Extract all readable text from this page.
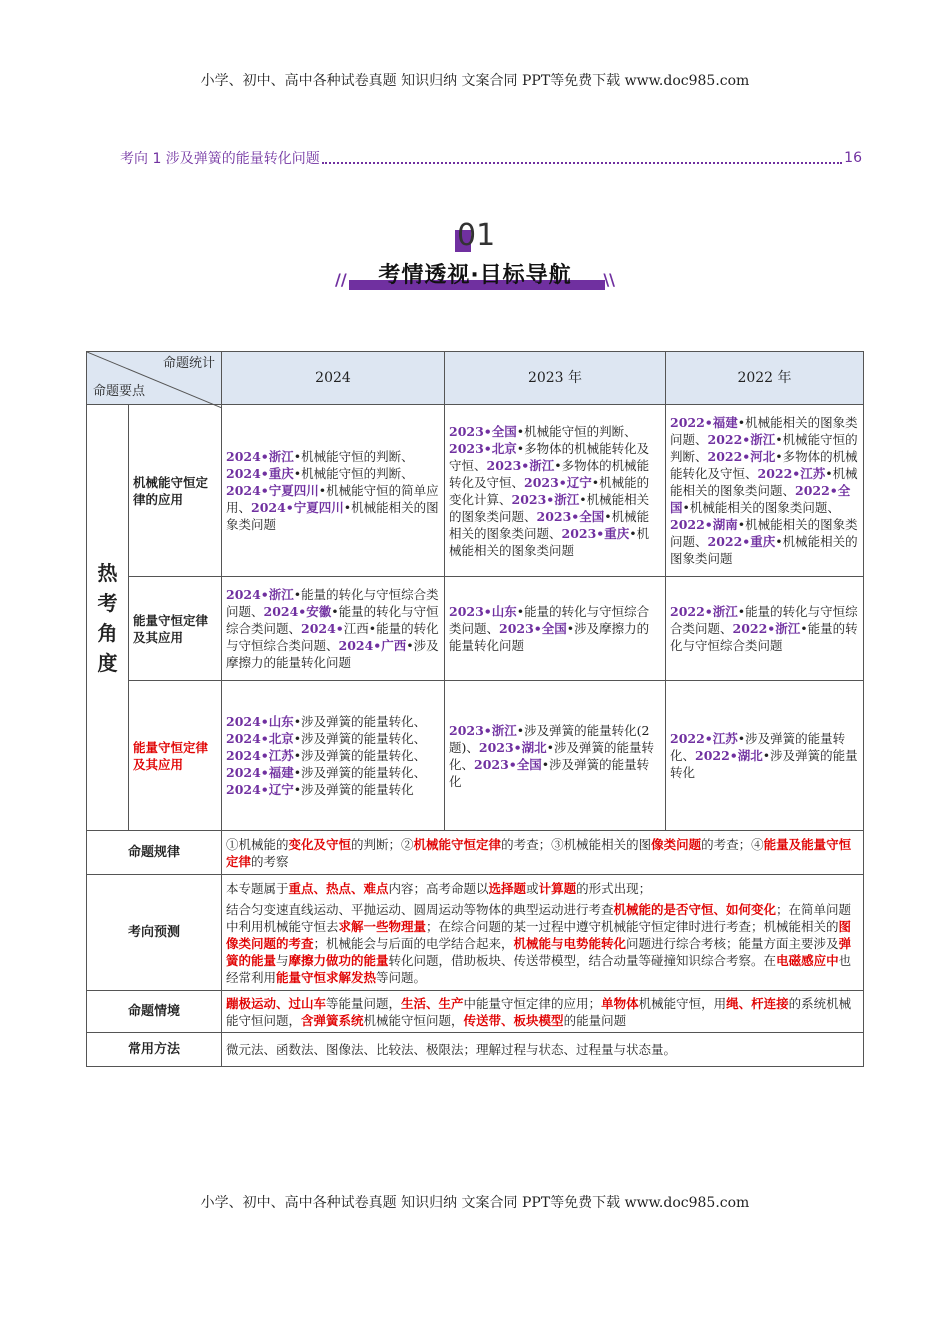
小学、初中、高中各种试卷真题 知识归纳 文案合同 PPT等免费下载 www.doc985.com
考向 1 涉及弹簧的能量转化问题	16
01
//	考情透视·目标导航	\\
命题统计
命题要点		2024	2023 年	2022 年

热
考
角
度	机械能守恒定律的应用	2024•浙江•机械能守恒的判断、2024•重庆•机械能守恒的判断、2024•宁夏四川•机械能守恒的简单应用、2024•宁夏四川•机械能相关的图象类问题	2023•全国•机械能守恒的判断、2023•北京•多物体的机械能转化及守恒、2023•浙江•多物体的机械能转化及守恒、2023•辽宁•机械能的变化计算、2023•浙江•机械能相关的图象类问题、2023•全国•机械能相关的图象类问题、2023•重庆•机械能相关的图象类问题	2022•福建•机械能相关的图象类问题、2022•浙江•机械能守恒的判断、2022•河北•多物体的机械能转化及守恒、2022•江苏•机械能相关的图象类问题、2022•全国•机械能相关的图象类问题、2022•湖南•机械能相关的图象类问题、2022•重庆•机械能相关的图象类问题
	能量守恒定律及其应用	2024•浙江•能量的转化与守恒综合类问题、2024•安徽•能量的转化与守恒综合类问题、2024•江西•能量的转化与守恒综合类问题、2024•广西•涉及摩擦力的能量转化问题	2023•山东•能量的转化与守恒综合类问题、2023•全国•涉及摩擦力的能量转化问题	2022•浙江•能量的转化与守恒综合类问题、2022•浙江•能量的转化与守恒综合类问题
	能量守恒定律及其应用	2024•山东•涉及弹簧的能量转化、2024•北京•涉及弹簧的能量转化、2024•江苏•涉及弹簧的能量转化、2024•福建•涉及弹簧的能量转化、2024•辽宁•涉及弹簧的能量转化	2023•浙江•涉及弹簧的能量转化(2题)、2023•湖北•涉及弹簧的能量转化、2023•全国•涉及弹簧的能量转化	2022•江苏•涉及弹簧的能量转化、2022•湖北•涉及弹簧的能量转化
命题规律		①机械能的变化及守恒的判断；②机械能守恒定律的考查；③机械能相关的图像类问题的考查；④能量及能量守恒定律的考察		
考向预测		本专题属于重点、热点、难点内容；高考命题以选择题或计算题的形式出现；
结合匀变速直线运动、平抛运动、圆周运动等物体的典型运动进行考查机械能的是否守恒、如何变化；在简单问题中利用机械能守恒去求解一些物理量；在综合问题的某一过程中遵守机械能守恒定律时进行考查；机械能相关的图像类问题的考查；机械能会与后面的电学结合起来，机械能与电势能转化问题进行综合考核；能量方面主要涉及弹簧的能量与摩擦力做功的能量转化问题，借助板块、传送带模型，结合动量等碰撞知识综合考察。在电磁感应中也经常利用能量守恒求解发热等问题。		

命题情境		蹦极运动、过山车等能量问题，生活、生产中能量守恒定律的应用；单物体机械能守恒，用绳、杆连接的系统机械能守恒问题，含弹簧系统机械能守恒问题，传送带、板块模型的能量问题		
常用方法		微元法、函数法、图像法、比较法、极限法；理解过程与状态、过程量与状态量。		
小学、初中、高中各种试卷真题 知识归纳 文案合同 PPT等免费下载 www.doc985.com
